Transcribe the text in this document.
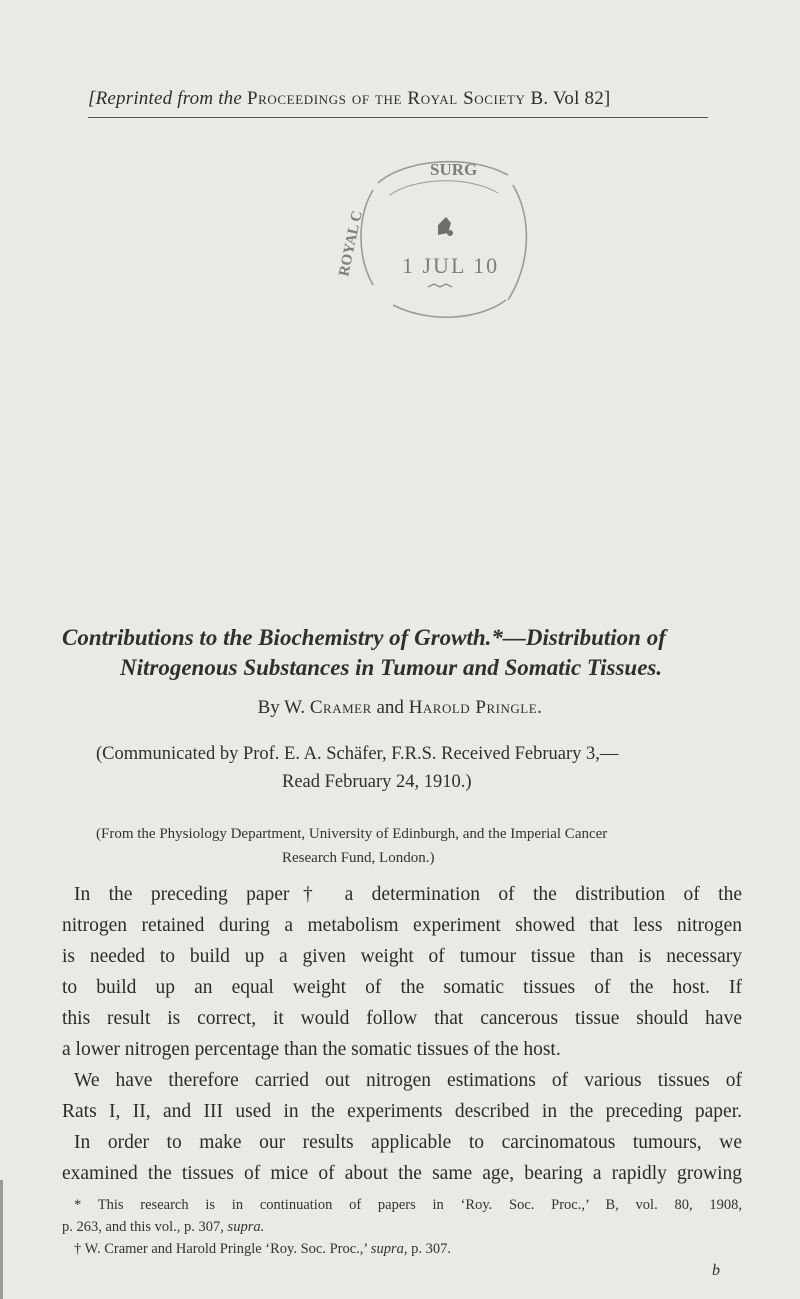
[Reprinted from the Proceedings of the Royal Society B. Vol 82]
SURG
ROYAL C 1 JUL 10
Contributions to the Biochemistry of Growth.*—Distribution of
Nitrogenous Substances in Tumour and Somatic Tissues.
By W. Cramer and Harold Pringle.
(Communicated by Prof. E. A. Schäfer, F.R.S. Received February 3,—
Read February 24, 1910.)
(From the Physiology Department, University of Edinburgh, and the Imperial Cancer
Research Fund, London.)
In the preceding paper† a determination of the distribution of the
nitrogen retained during a metabolism experiment showed that less nitrogen
is needed to build up a given weight of tumour tissue than is necessary
to build up an equal weight of the somatic tissues of the host. If
this result is correct, it would follow that cancerous tissue should have
a lower nitrogen percentage than the somatic tissues of the host.
We have therefore carried out nitrogen estimations of various tissues of
Rats I, II, and III used in the experiments described in the preceding paper.
In order to make our results applicable to carcinomatous tumours, we
examined the tissues of mice of about the same age, bearing a rapidly growing
* This research is in continuation of papers in ‘Roy. Soc. Proc.,’ B, vol. 80, 1908,
p. 263, and this vol., p. 307, supra.
† W. Cramer and Harold Pringle ‘Roy. Soc. Proc.,’ supra, p. 307.
b
